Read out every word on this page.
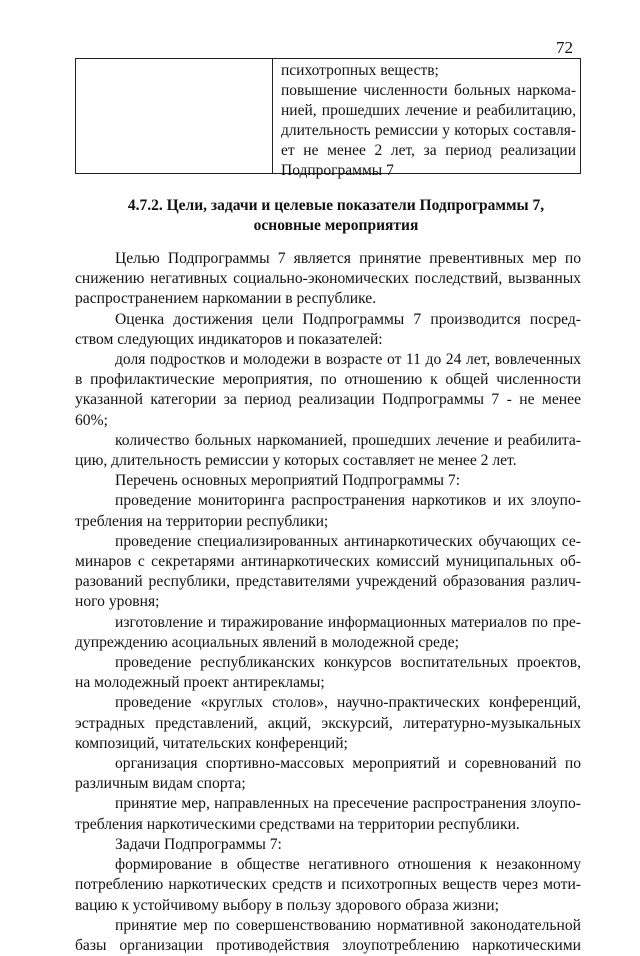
72
психотропных веществ;
повышение численности больных наркома-
нией, прошедших лечение и реабилитацию,
длительность ремиссии у которых составля-
ет не менее 2 лет, за период реализации
Подпрограммы 7
4.7.2. Цели, задачи и целевые показатели Подпрограммы 7,
основные мероприятия
Целью Подпрограммы 7 является принятие превентивных мер по
снижению негативных социально-экономических последствий, вызванных
распространением наркомании в республике.
Оценка достижения цели Подпрограммы 7 производится посред-
ством следующих индикаторов и показателей:
доля подростков и молодежи в возрасте от 11 до 24 лет, вовлеченных
в профилактические мероприятия, по отношению к общей численности
указанной категории за период реализации Подпрограммы 7 - не менее
60%;
количество больных наркоманией, прошедших лечение и реабилита-
цию, длительность ремиссии у которых составляет не менее 2 лет.
Перечень основных мероприятий Подпрограммы 7:
проведение мониторинга распространения наркотиков и их злоупо-
требления на территории республики;
проведение специализированных антинаркотических обучающих се-
минаров с секретарями антинаркотических комиссий муниципальных об-
разований республики, представителями учреждений образования различ-
ного уровня;
изготовление и тиражирование информационных материалов по пре-
дупреждению асоциальных явлений в молодежной среде;
проведение республиканских конкурсов воспитательных проектов,
на молодежный проект антирекламы;
проведение «круглых столов», научно-практических конференций,
эстрадных представлений, акций, экскурсий, литературно-музыкальных
композиций, читательских конференций;
организация спортивно-массовых мероприятий и соревнований по
различным видам спорта;
принятие мер, направленных на пресечение распространения злоупо-
требления наркотическими средствами на территории республики.
Задачи Подпрограммы 7:
формирование в обществе негативного отношения к незаконному
потреблению наркотических средств и психотропных веществ через моти-
вацию к устойчивому выбору в пользу здорового образа жизни;
принятие мер по совершенствованию нормативной законодательной
базы организации противодействия злоупотреблению наркотическими
